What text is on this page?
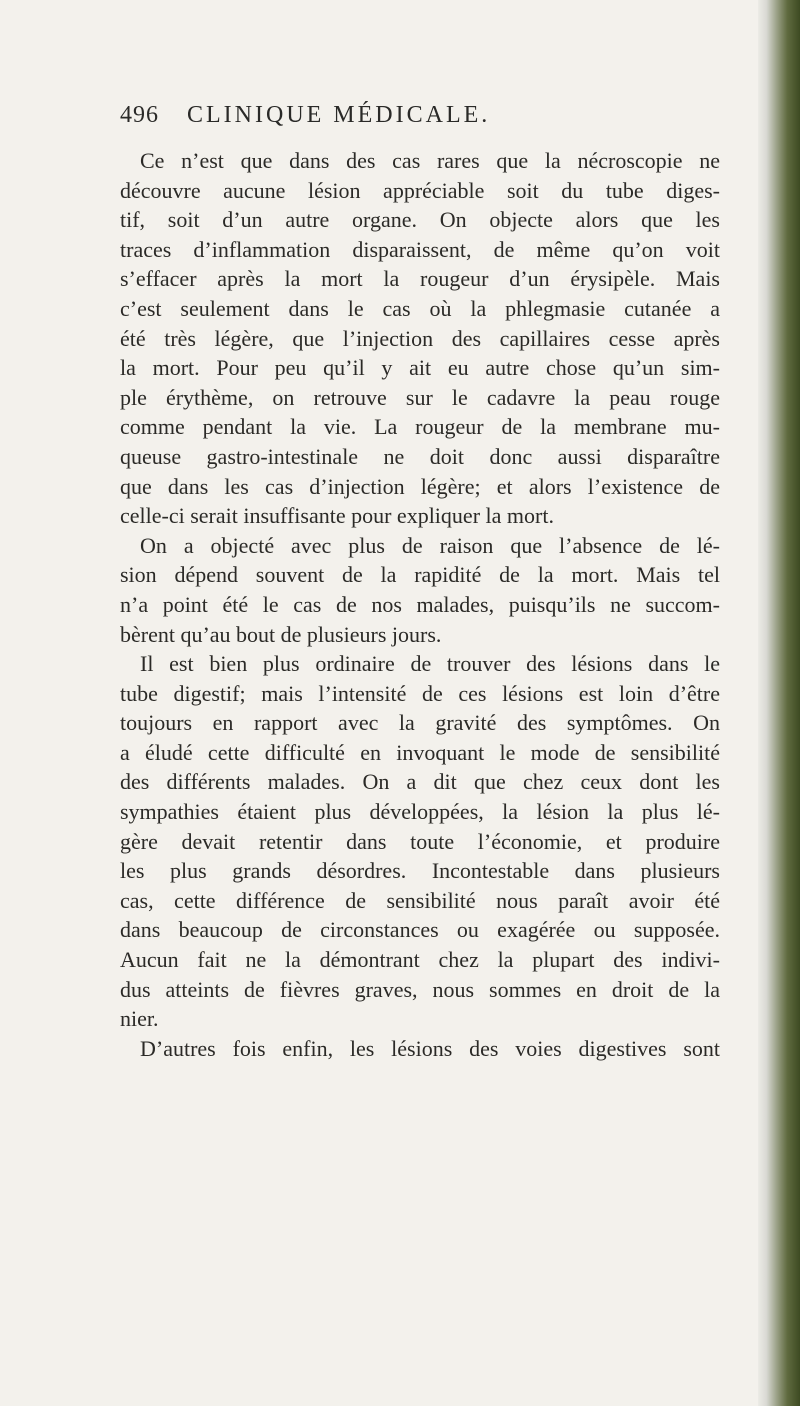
496 CLINIQUE MÉDICALE.
Ce n’est que dans des cas rares que la nécroscopie ne
découvre aucune lésion appréciable soit du tube diges-
tif, soit d’un autre organe. On objecte alors que les
traces d’inflammation disparaissent, de même qu’on voit
s’effacer après la mort la rougeur d’un érysipèle. Mais
c’est seulement dans le cas où la phlegmasie cutanée a
été très légère, que l’injection des capillaires cesse après
la mort. Pour peu qu’il y ait eu autre chose qu’un sim-
ple érythème, on retrouve sur le cadavre la peau rouge
comme pendant la vie. La rougeur de la membrane mu-
queuse gastro-intestinale ne doit donc aussi disparaître
que dans les cas d’injection légère; et alors l’existence de
celle-ci serait insuffisante pour expliquer la mort.
On a objecté avec plus de raison que l’absence de lé-
sion dépend souvent de la rapidité de la mort. Mais tel
n’a point été le cas de nos malades, puisqu’ils ne succom-
bèrent qu’au bout de plusieurs jours.
Il est bien plus ordinaire de trouver des lésions dans le
tube digestif; mais l’intensité de ces lésions est loin d’être
toujours en rapport avec la gravité des symptômes. On
a éludé cette difficulté en invoquant le mode de sensibilité
des différents malades. On a dit que chez ceux dont les
sympathies étaient plus développées, la lésion la plus lé-
gère devait retentir dans toute l’économie, et produire
les plus grands désordres. Incontestable dans plusieurs
cas, cette différence de sensibilité nous paraît avoir été
dans beaucoup de circonstances ou exagérée ou supposée.
Aucun fait ne la démontrant chez la plupart des indivi-
dus atteints de fièvres graves, nous sommes en droit de la
nier.
D’autres fois enfin, les lésions des voies digestives sont
